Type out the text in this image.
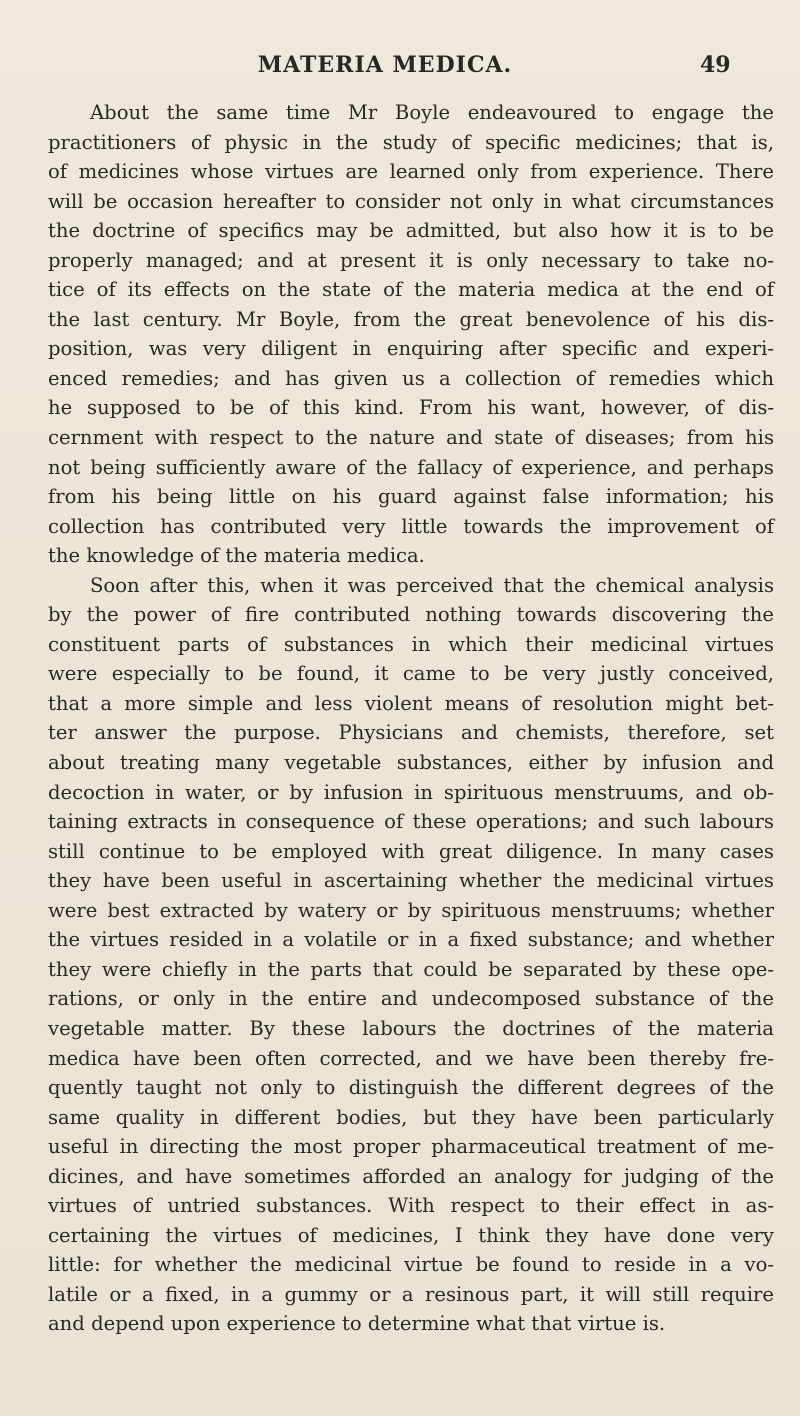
MATERIA MEDICA.	49
About the same time Mr Boyle endeavoured to engage the
practitioners of physic in the study of specific medicines; that is,
of medicines whose virtues are learned only from experience. There
will be occasion hereafter to consider not only in what circumstances
the doctrine of specifics may be admitted, but also how it is to be
properly managed; and at present it is only necessary to take no-
tice of its effects on the state of the materia medica at the end of
the last century. Mr Boyle, from the great benevolence of his dis-
position, was very diligent in enquiring after specific and experi-
enced remedies; and has given us a collection of remedies which
he supposed to be of this kind. From his want, however, of dis-
cernment with respect to the nature and state of diseases; from his
not being sufficiently aware of the fallacy of experience, and perhaps
from his being little on his guard against false information; his
collection has contributed very little towards the improvement of
the knowledge of the materia medica.
Soon after this, when it was perceived that the chemical analysis
by the power of fire contributed nothing towards discovering the
constituent parts of substances in which their medicinal virtues
were especially to be found, it came to be very justly conceived,
that a more simple and less violent means of resolution might bet-
ter answer the purpose. Physicians and chemists, therefore, set
about treating many vegetable substances, either by infusion and
decoction in water, or by infusion in spirituous menstruums, and ob-
taining extracts in consequence of these operations; and such labours
still continue to be employed with great diligence. In many cases
they have been useful in ascertaining whether the medicinal virtues
were best extracted by watery or by spirituous menstruums; whether
the virtues resided in a volatile or in a fixed substance; and whether
they were chiefly in the parts that could be separated by these ope-
rations, or only in the entire and undecomposed substance of the
vegetable matter. By these labours the doctrines of the materia
medica have been often corrected, and we have been thereby fre-
quently taught not only to distinguish the different degrees of the
same quality in different bodies, but they have been particularly
useful in directing the most proper pharmaceutical treatment of me-
dicines, and have sometimes afforded an analogy for judging of the
virtues of untried substances. With respect to their effect in as-
certaining the virtues of medicines, I think they have done very
little: for whether the medicinal virtue be found to reside in a vo-
latile or a fixed, in a gummy or a resinous part, it will still require
and depend upon experience to determine what that virtue is.
